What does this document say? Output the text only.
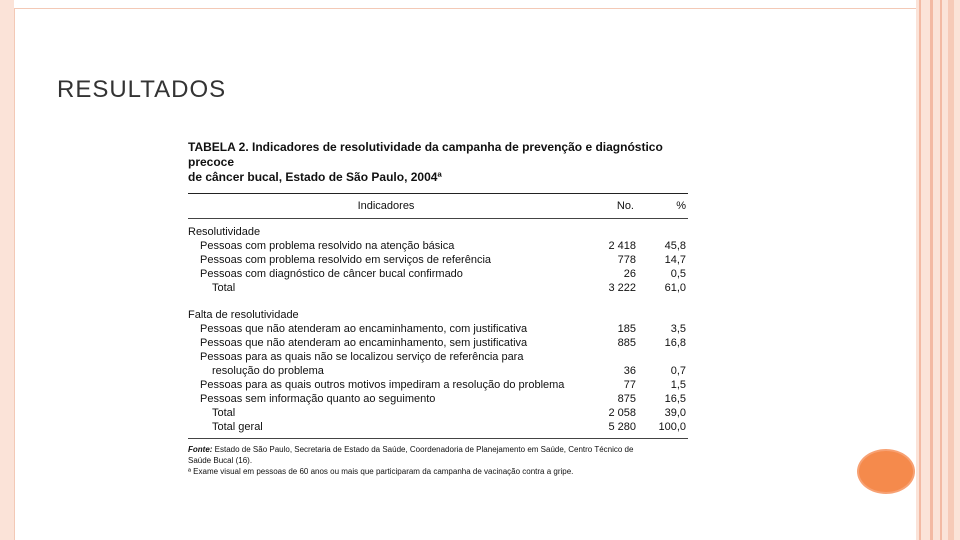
RESULTADOS
TABELA 2. Indicadores de resolutividade da campanha de prevenção e diagnóstico precoce
de câncer bucal, Estado de São Paulo, 2004ª
Indicadores	No.	%
Resolutividade
Pessoas com problema resolvido na atenção básica	2 418	45,8
Pessoas com problema resolvido em serviços de referência	778	14,7
Pessoas com diagnóstico de câncer bucal confirmado	26	0,5
Total	3 222	61,0
Falta de resolutividade
Pessoas que não atenderam ao encaminhamento, com justificativa	185	3,5
Pessoas que não atenderam ao encaminhamento, sem justificativa	885	16,8
Pessoas para as quais não se localizou serviço de referência para
resolução do problema	36	0,7
Pessoas para as quais outros motivos impediram a resolução do problema	77	1,5
Pessoas sem informação quanto ao seguimento	875	16,5
Total	2 058	39,0
Total geral	5 280	100,0
Fonte: Estado de São Paulo, Secretaria de Estado da Saúde, Coordenadoria de Planejamento em Saúde, Centro Técnico de
Saúde Bucal (16).
ª Exame visual em pessoas de 60 anos ou mais que participaram da campanha de vacinação contra a gripe.
